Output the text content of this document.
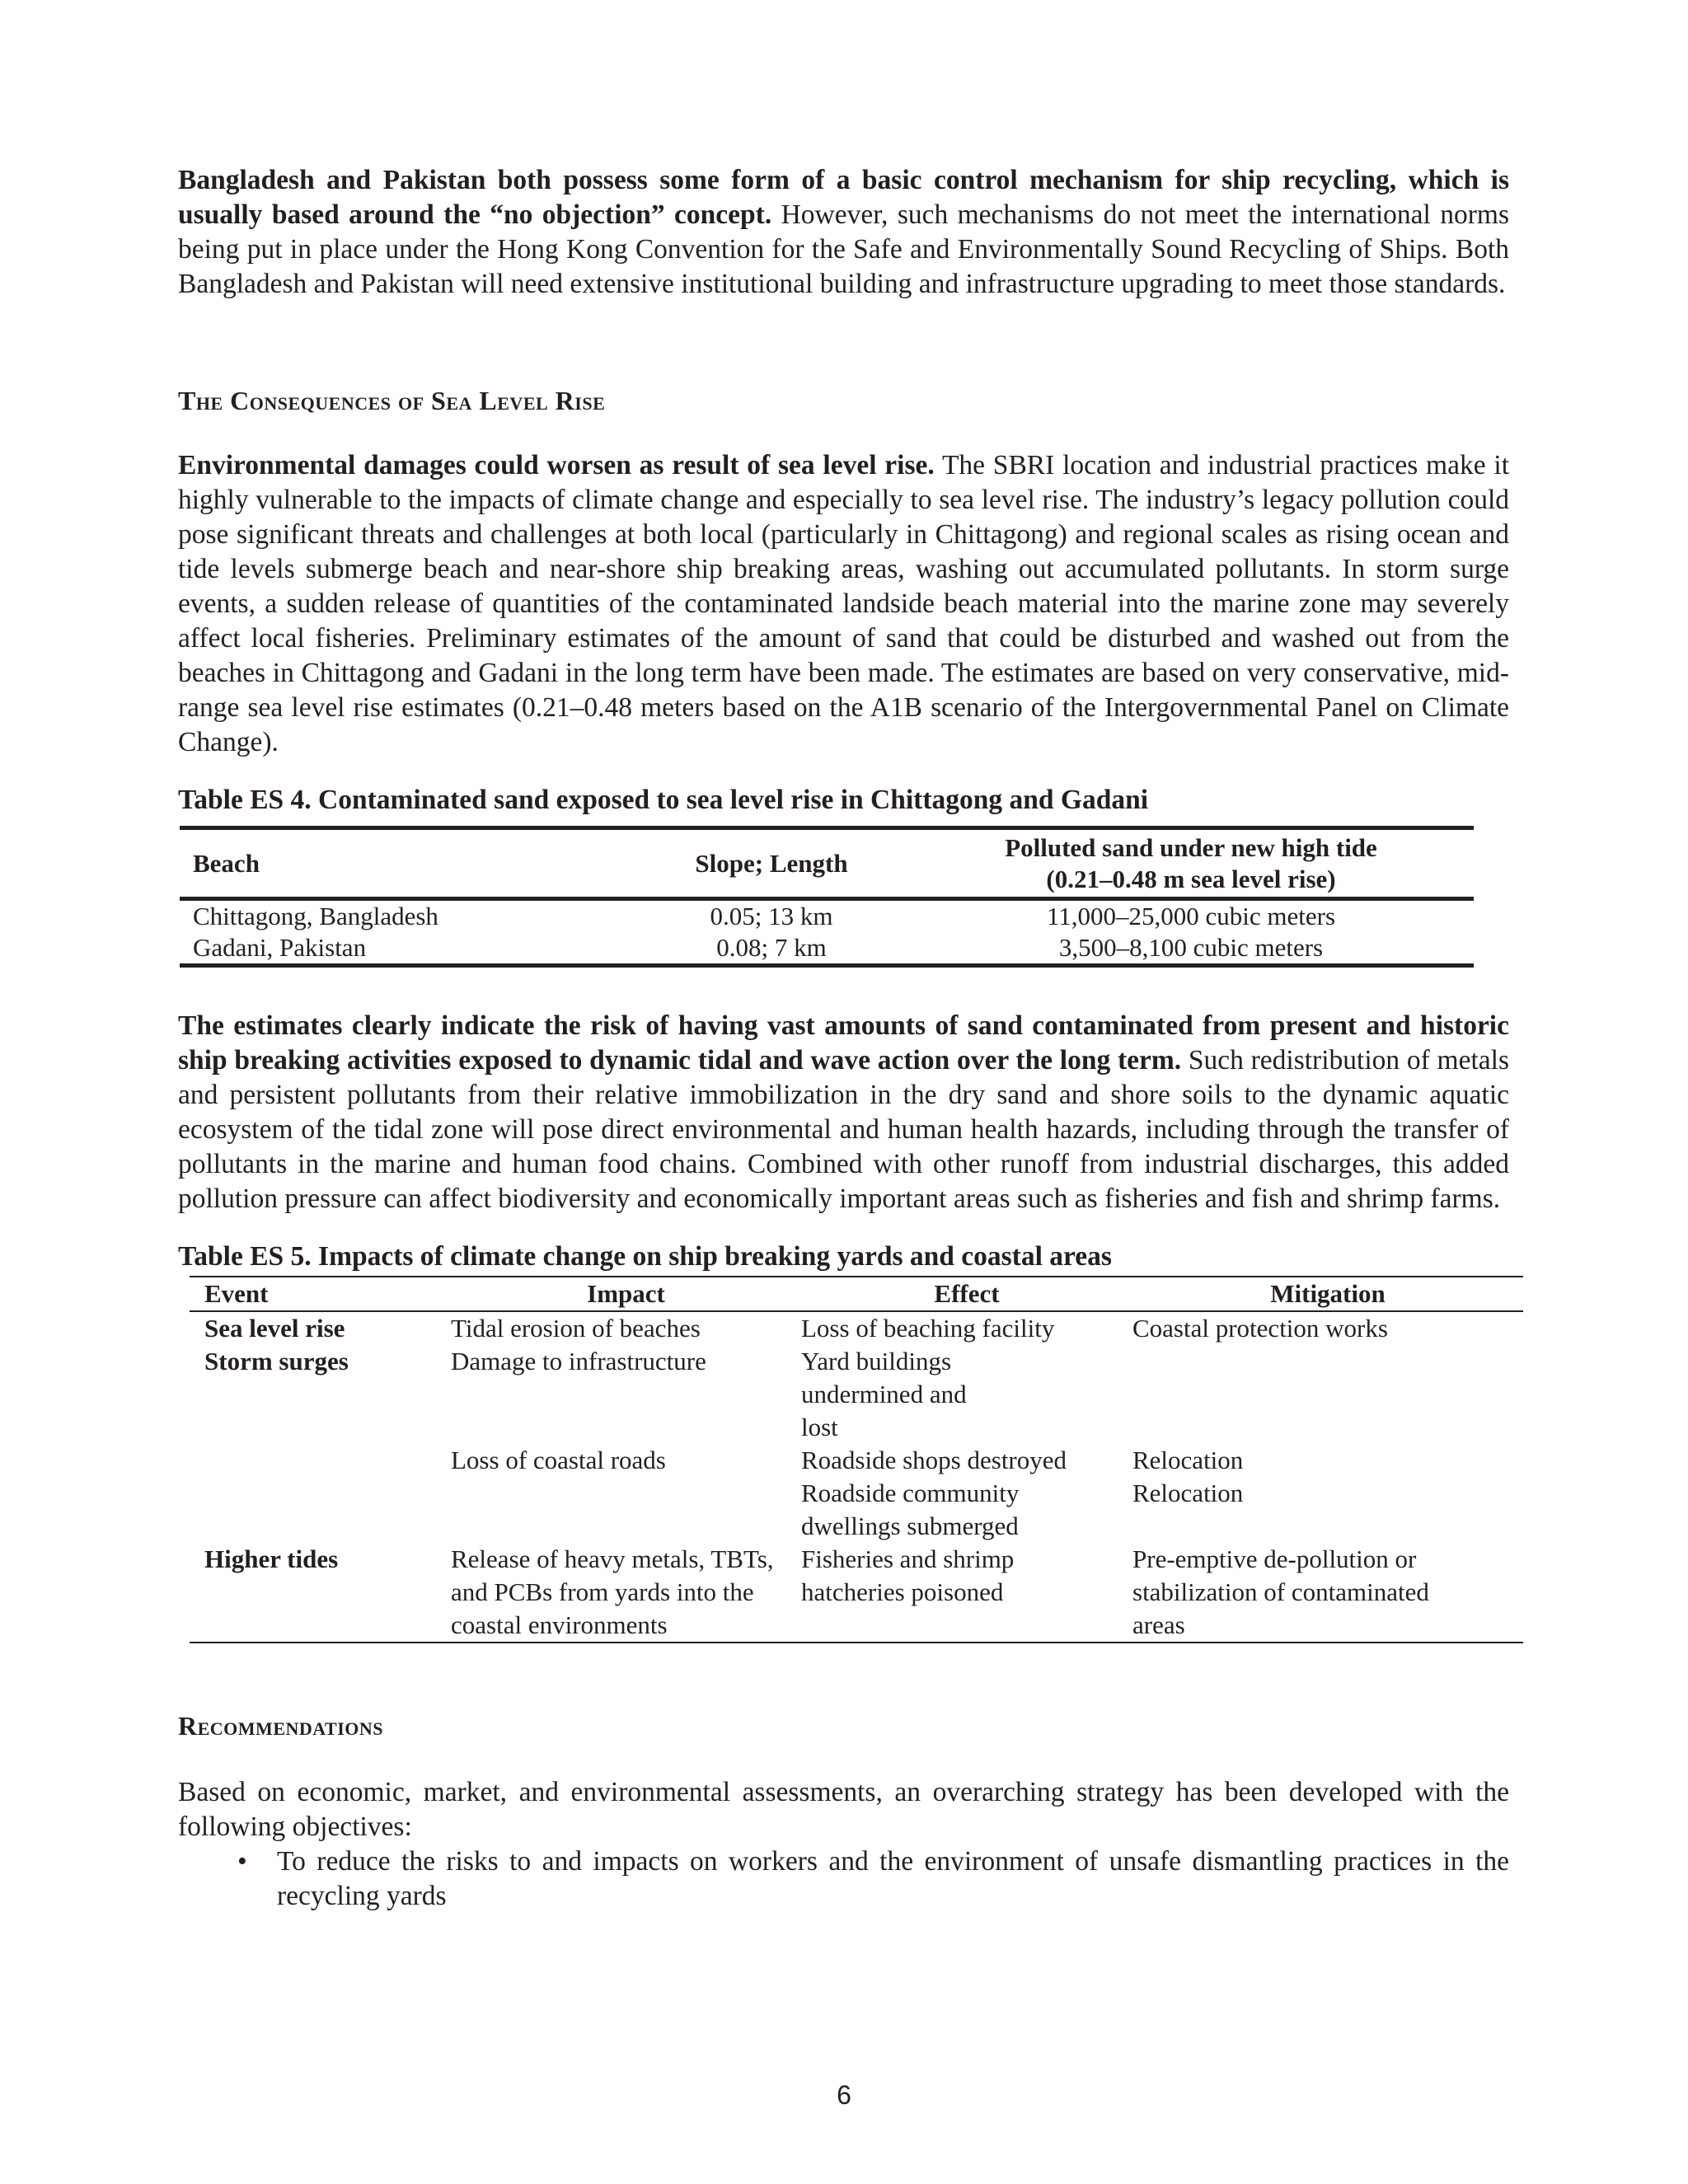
Bangladesh and Pakistan both possess some form of a basic control mechanism for ship recycling, which is usually based around the “no objection” concept. However, such mechanisms do not meet the international norms being put in place under the Hong Kong Convention for the Safe and Environmentally Sound Recycling of Ships. Both Bangladesh and Pakistan will need extensive institutional building and infrastructure upgrading to meet those standards.

The Consequences of Sea Level Rise

Environmental damages could worsen as result of sea level rise. The SBRI location and industrial practices make it highly vulnerable to the impacts of climate change and especially to sea level rise. The industry’s legacy pollution could pose significant threats and challenges at both local (particularly in Chittagong) and regional scales as rising ocean and tide levels submerge beach and near-shore ship breaking areas, washing out accumulated pollutants. In storm surge events, a sudden release of quantities of the contaminated landside beach material into the marine zone may severely affect local fisheries. Preliminary estimates of the amount of sand that could be disturbed and washed out from the beaches in Chittagong and Gadani in the long term have been made. The estimates are based on very conservative, mid-range sea level rise estimates (0.21–0.48 meters based on the A1B scenario of the Intergovernmental Panel on Climate Change).

Table ES 4. Contaminated sand exposed to sea level rise in Chittagong and Gadani

Beach	Slope; Length	Polluted sand under new high tide
(0.21–0.48 m sea level rise)
Chittagong, Bangladesh	0.05; 13 km	11,000–25,000 cubic meters
Gadani, Pakistan	0.08; 7 km	3,500–8,100 cubic meters

The estimates clearly indicate the risk of having vast amounts of sand contaminated from present and historic ship breaking activities exposed to dynamic tidal and wave action over the long term. Such redistribution of metals and persistent pollutants from their relative immobilization in the dry sand and shore soils to the dynamic aquatic ecosystem of the tidal zone will pose direct environmental and human health hazards, including through the transfer of pollutants in the marine and human food chains. Combined with other runoff from industrial discharges, this added pollution pressure can affect biodiversity and economically important areas such as fisheries and fish and shrimp farms.

Table ES 5. Impacts of climate change on ship breaking yards and coastal areas

Event	Impact	Effect	Mitigation
Sea level rise	Tidal erosion of beaches	Loss of beaching facility	Coastal protection works
Storm surges	Damage to infrastructure	Yard buildings undermined and lost	
	Loss of coastal roads	Roadside shops destroyed	Relocation
		Roadside community dwellings submerged	Relocation
Higher tides	Release of heavy metals, TBTs, and PCBs from yards into the coastal environments	Fisheries and shrimp hatcheries poisoned	Pre-emptive de-pollution or stabilization of contaminated areas
Recommendations

Based on economic, market, and environmental assessments, an overarching strategy has been developed with the following objectives:

• To reduce the risks to and impacts on workers and the environment of unsafe dismantling practices in the recycling yards
6
